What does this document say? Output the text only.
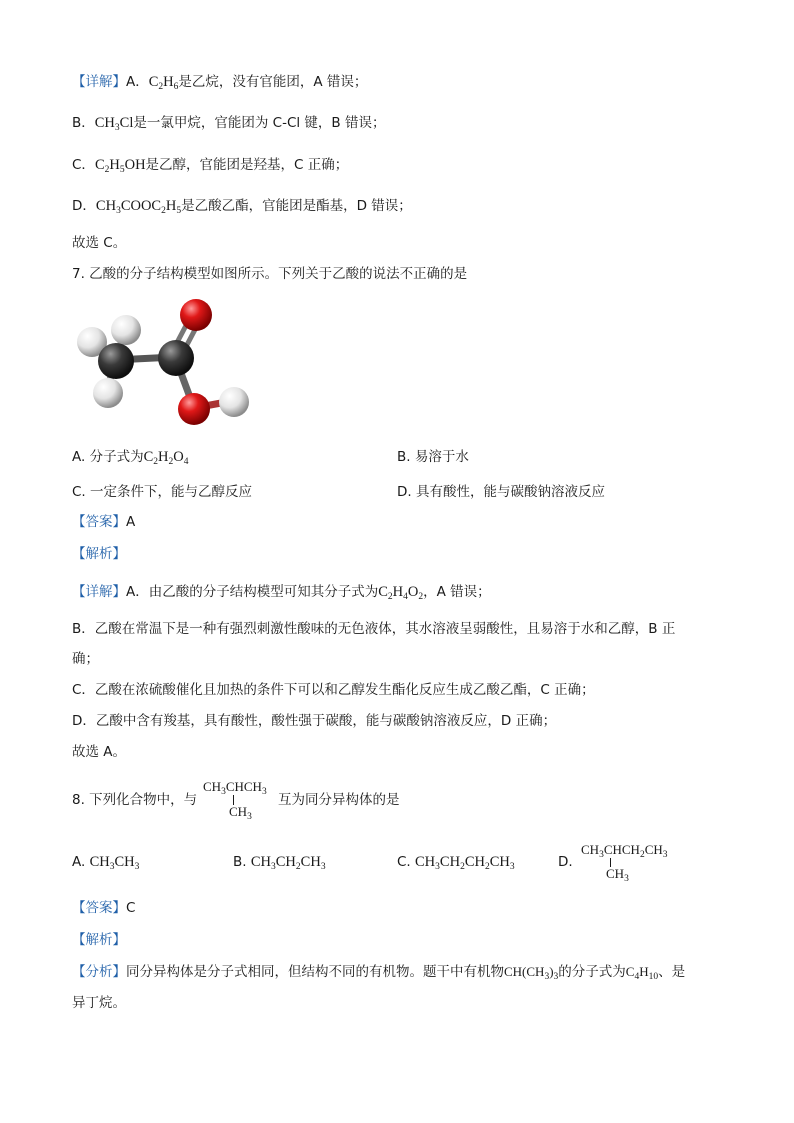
【详解】A．$C_2H_6$是乙烷，没有官能团，A 错误；
B．$CH_3Cl$是一氯甲烷，官能团为 C-Cl 键，B 错误；
C．$C_2H_5OH$是乙醇，官能团是羟基，C 正确；
D．$CH_3COOC_2H_5$是乙酸乙酯，官能团是酯基，D 错误；
故选 C。
7. 乙酸的分子结构模型如图所示。下列关于乙酸的说法不正确的是
A. 分子式为$C_2H_2O_4$	B. 易溶于水
C. 一定条件下，能与乙醇反应	D. 具有酸性，能与碳酸钠溶液反应
【答案】A
【解析】
【详解】A．由乙酸的分子结构模型可知其分子式为$C_2H_4O_2$，A 错误；
B．乙酸在常温下是一种有强烈刺激性酸味的无色液体，其水溶液呈弱酸性，且易溶于水和乙醇，B 正
确；
C．乙酸在浓硫酸催化且加热的条件下可以和乙醇发生酯化反应生成乙酸乙酯，C 正确；
D．乙酸中含有羧基，具有酸性，酸性强于碳酸，能与碳酸钠溶液反应，D 正确；
故选 A。
8. 下列化合物中，与
$CH_3CHCH_3$
$CH_3$
互为同分异构体的是
A. $CH_3CH_3$	B. $CH_3CH_2CH_3$	C. $CH_3CH_2CH_2CH_3$	D.
$CH_3CHCH_2CH_3$
$CH_3$
【答案】C
【解析】
【分析】同分异构体是分子式相同，但结构不同的有机物。题干中有机物$CH(CH_3)_3$的分子式为$C_4H_{10}$、是
异丁烷。
